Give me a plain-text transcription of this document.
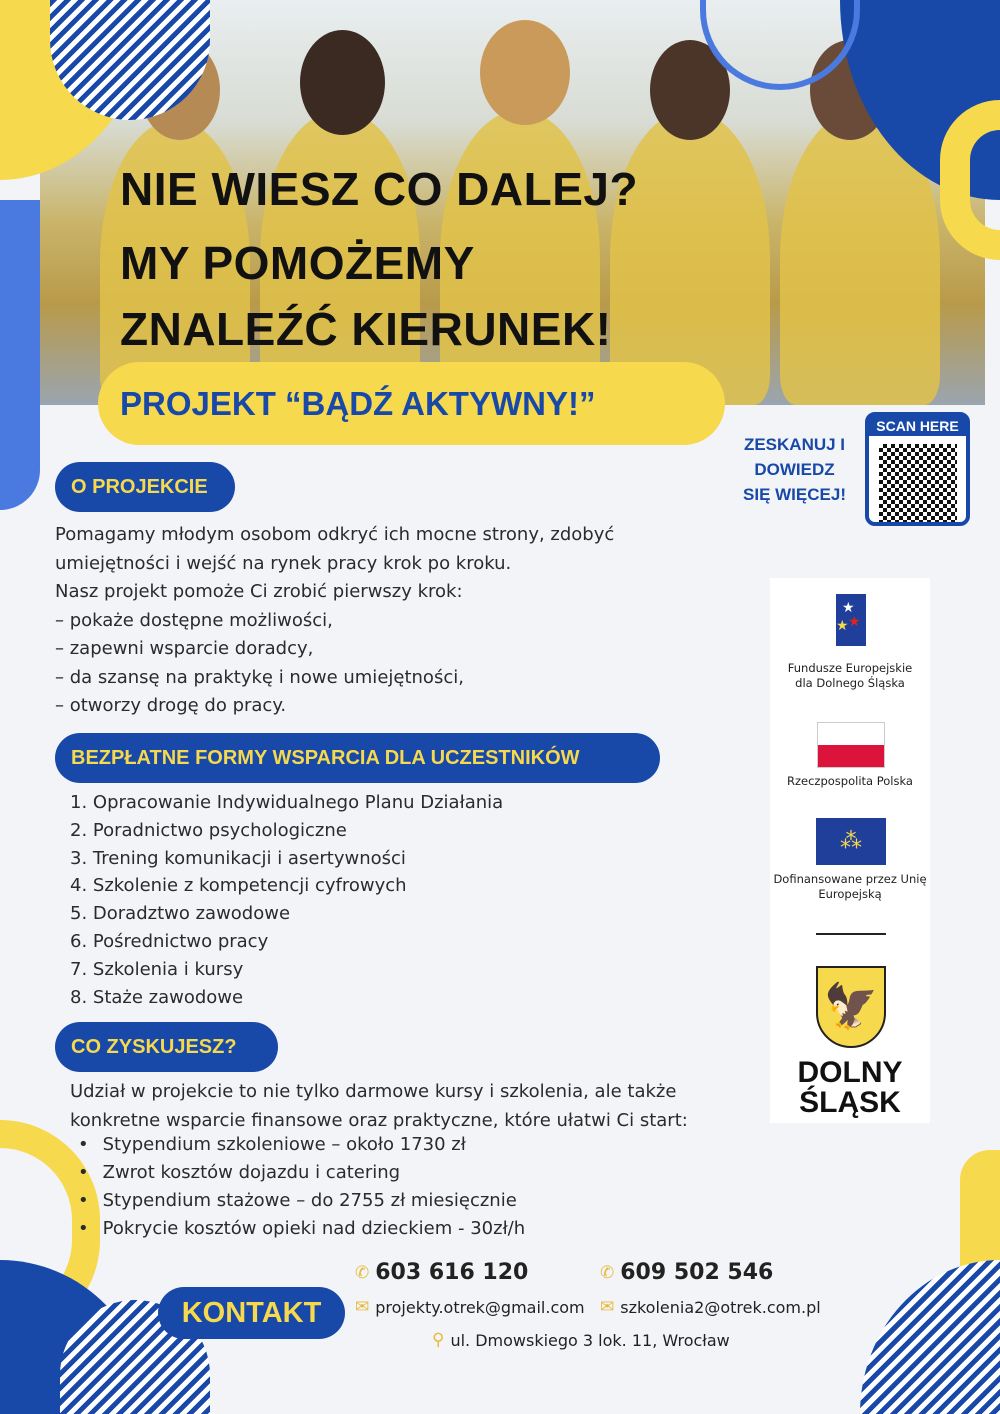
NIE WIESZ CO DALEJ?
MY POMOŻEMY
ZNALEŹĆ KIERUNEK!
PROJEKT “BĄDŹ AKTYWNY!”
ZESKANUJ I
DOWIEDZ
SIĘ WIĘCEJ!
SCAN HERE
O PROJEKCIE
Pomagamy młodym osobom odkryć ich mocne strony, zdobyć
umiejętności i wejść na rynek pracy krok po kroku.
Nasz projekt pomoże Ci zrobić pierwszy krok:
– pokaże dostępne możliwości,
– zapewni wsparcie doradcy,
– da szansę na praktykę i nowe umiejętności,
– otworzy drogę do pracy.
BEZPŁATNE FORMY WSPARCIA DLA UCZESTNIKÓW
1. Opracowanie Indywidualnego Planu Działania
2. Poradnictwo psychologiczne
3. Trening komunikacji i asertywności
4. Szkolenie z kompetencji cyfrowych
5. Doradztwo zawodowe
6. Pośrednictwo pracy
7. Szkolenia i kursy
8. Staże zawodowe
CO ZYSKUJESZ?
Udział w projekcie to nie tylko darmowe kursy i szkolenia, ale także
konkretne wsparcie finansowe oraz praktyczne, które ułatwi Ci start:
• Stypendium szkoleniowe – około 1730 zł
• Zwrot kosztów dojazdu i catering
• Stypendium stażowe – do 2755 zł miesięcznie
• Pokrycie kosztów opieki nad dzieckiem - 30zł/h
★
★ ★
Fundusze Europejskie dla Dolnego Śląska
Rzeczpospolita Polska
⁂
Dofinansowane przez Unię Europejską
🦅
DOLNY
ŚLĄSK
KONTAKT
✆ 603 616 120	✆ 609 502 546
✉ projekty.otrek@gmail.com ✉ szkolenia2@otrek.com.pl
⚲ ul. Dmowskiego 3 lok. 11, Wrocław
